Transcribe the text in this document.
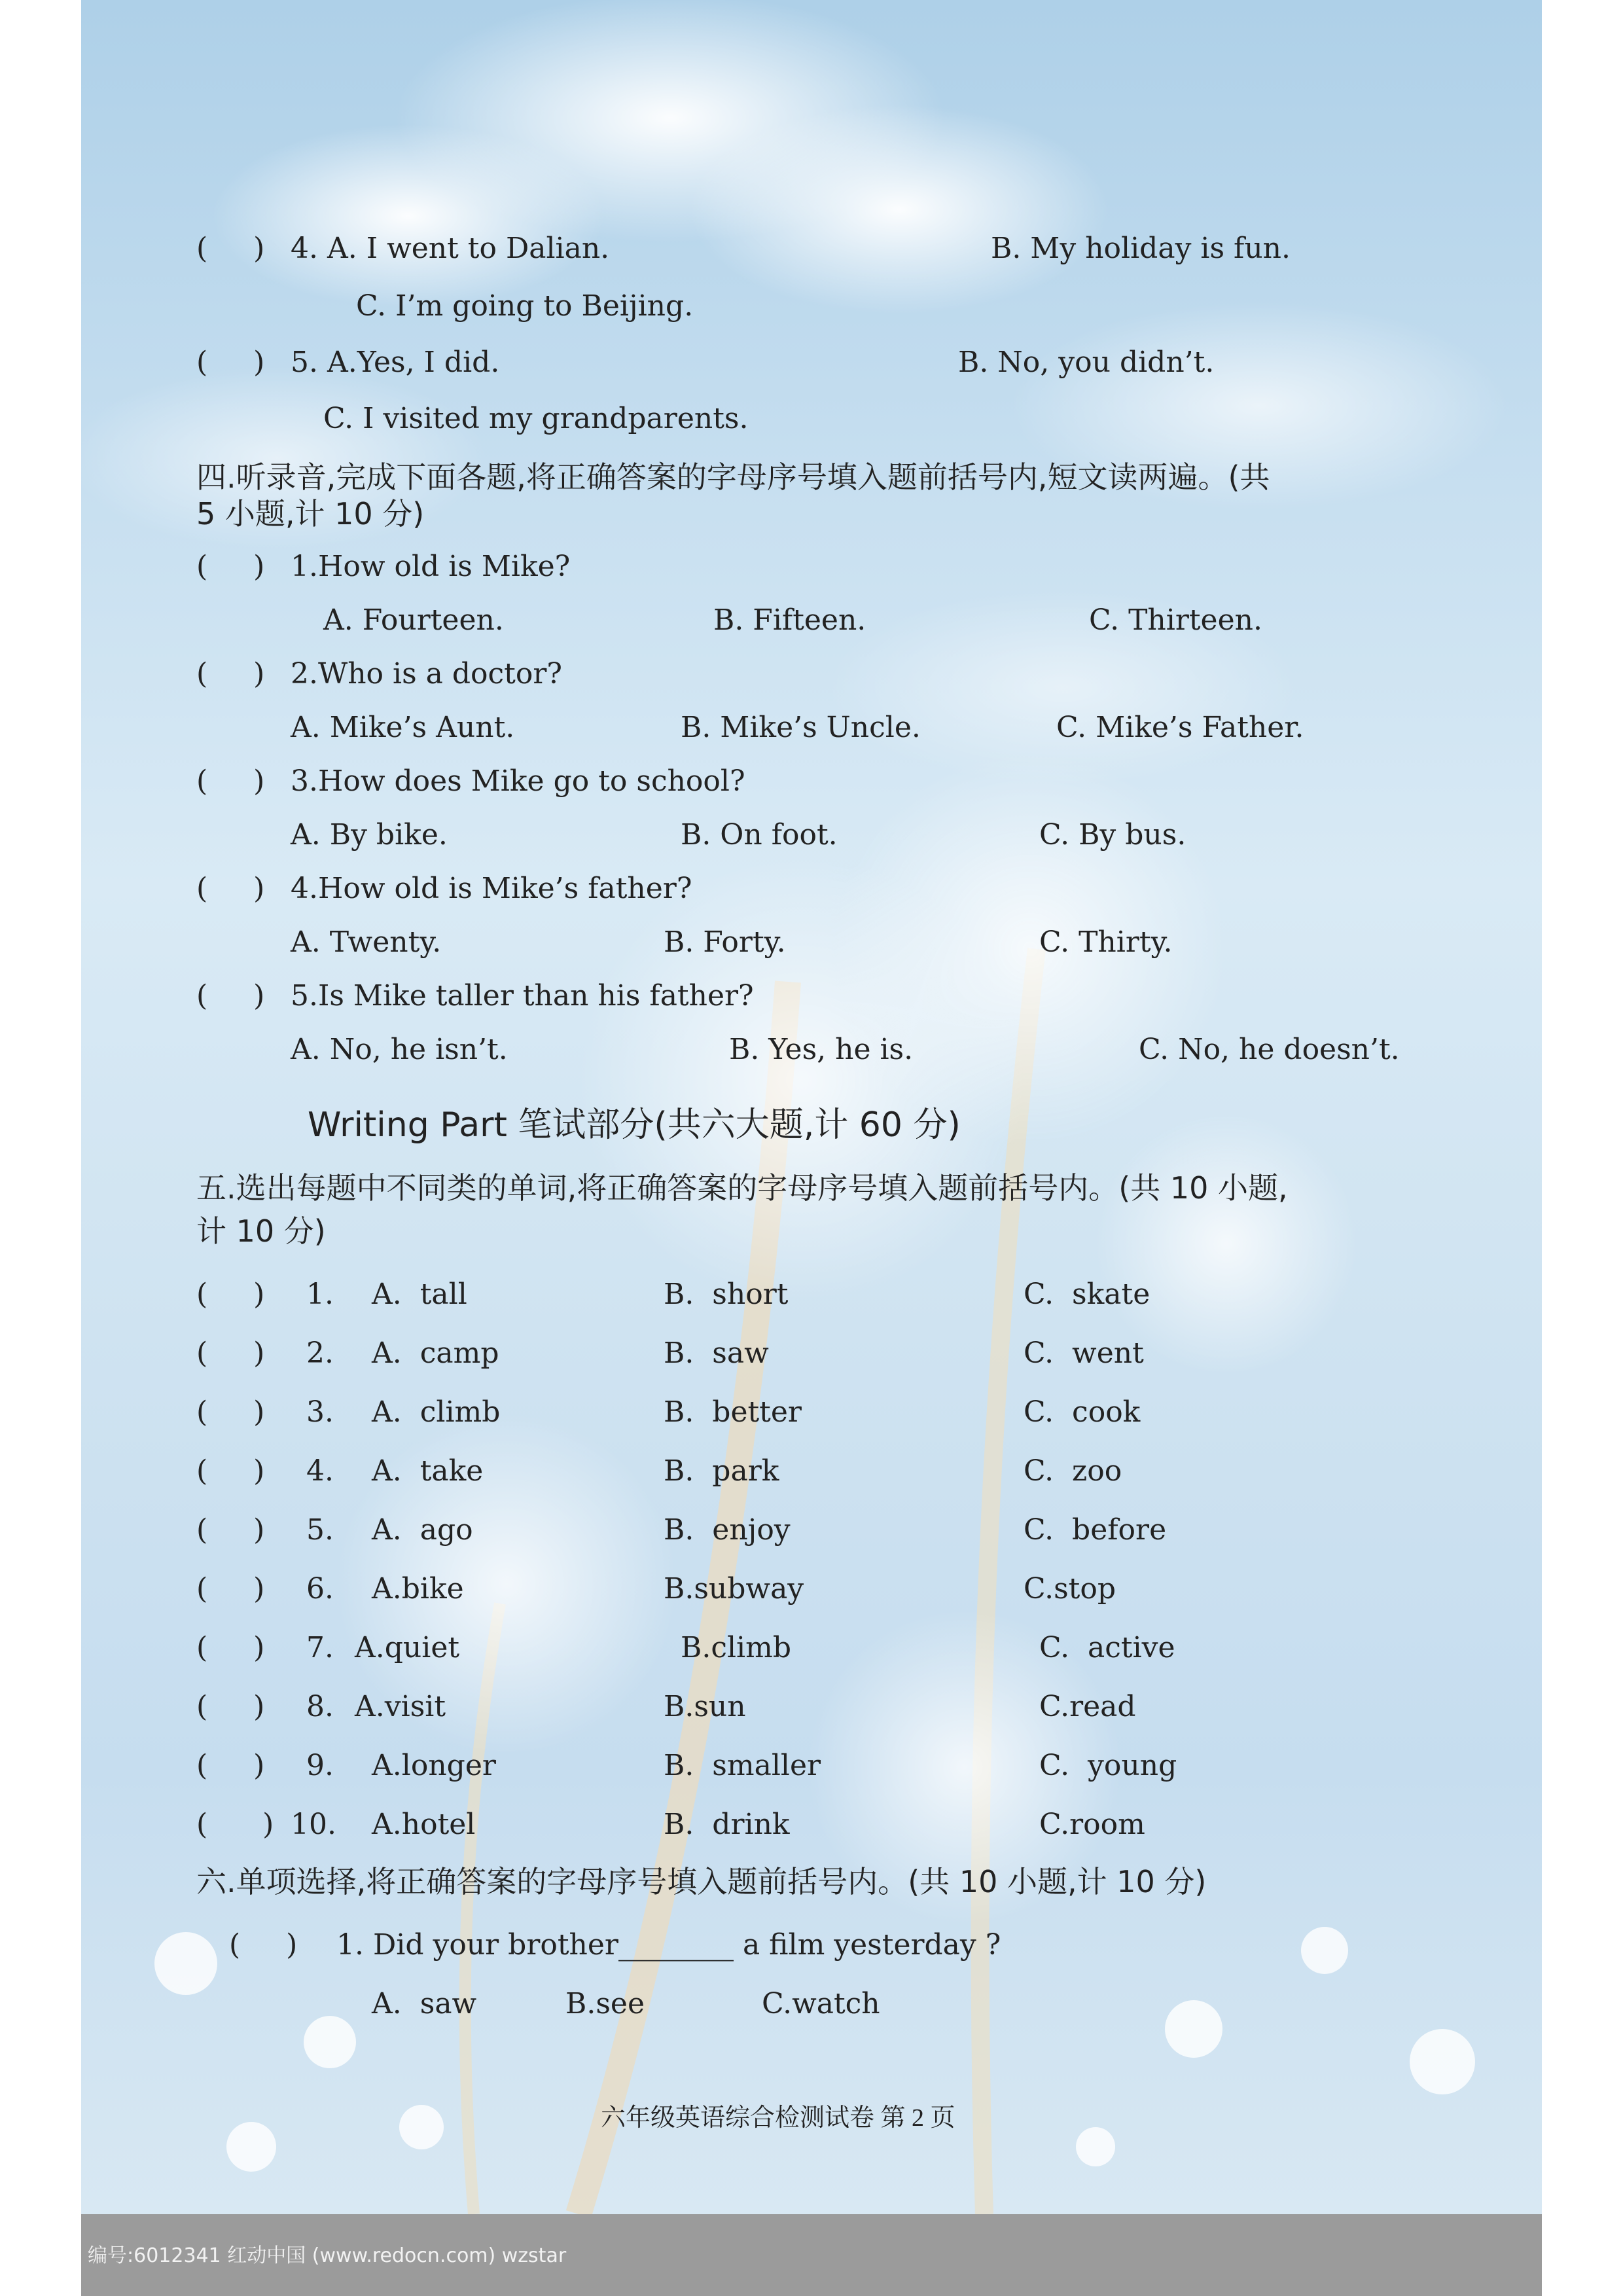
(     ) 4. A. I went to Dalian.	B. My holiday is fun.
C. I’m going to Beijing.
(     ) 5. A.Yes, I did.	B. No, you didn’t.
C. I visited my grandparents.
四.听录音,完成下面各题,将正确答案的字母序号填入题前括号内,短文读两遍。(共
5 小题,计 10 分)
(     ) 1.How old is Mike?
A. Fourteen.	B. Fifteen.	C. Thirteen.
(     ) 2.Who is a doctor?
A. Mike’s Aunt.	B. Mike’s Uncle.	C. Mike’s Father.
(     ) 3.How does Mike go to school?
A. By bike.	B. On foot.	C. By bus.
(     ) 4.How old is Mike’s father?
A. Twenty.	B. Forty.	C. Thirty.
(     ) 5.Is Mike taller than his father?
A. No, he isn’t.	B. Yes, he is.	C. No, he doesn’t.
Writing Part 笔试部分(共六大题,计 60 分)
五.选出每题中不同类的单词,将正确答案的字母序号填入题前括号内。(共 10 小题,
计 10 分)
(     ) 1. A.  tall	B.  short	C.  skate
(     ) 2. A.  camp	B.  saw	C.  went
(     ) 3. A.  climb	B.  better	C.  cook
(     ) 4. A.  take	B.  park	C.  zoo
(     ) 5. A.  ago	B.  enjoy	C.  before
(     ) 6. A.bike	B.subway	C.stop
(     ) 7. A.quiet	B.climb	C.  active
(     ) 8. A.visit	B.sun	C.read
(     ) 9. A.longer	B.  smaller	C.  young
(      ) 10. A.hotel	B.  drink	C.room
六.单项选择,将正确答案的字母序号填入题前括号内。(共 10 小题,计 10 分)
(     ) 1. Did your brother________ a film yesterday ?
A.  saw	B.see	C.watch
六年级英语综合检测试卷 第 2 页
编号:6012341 红动中国 (www.redocn.com) wzstar
